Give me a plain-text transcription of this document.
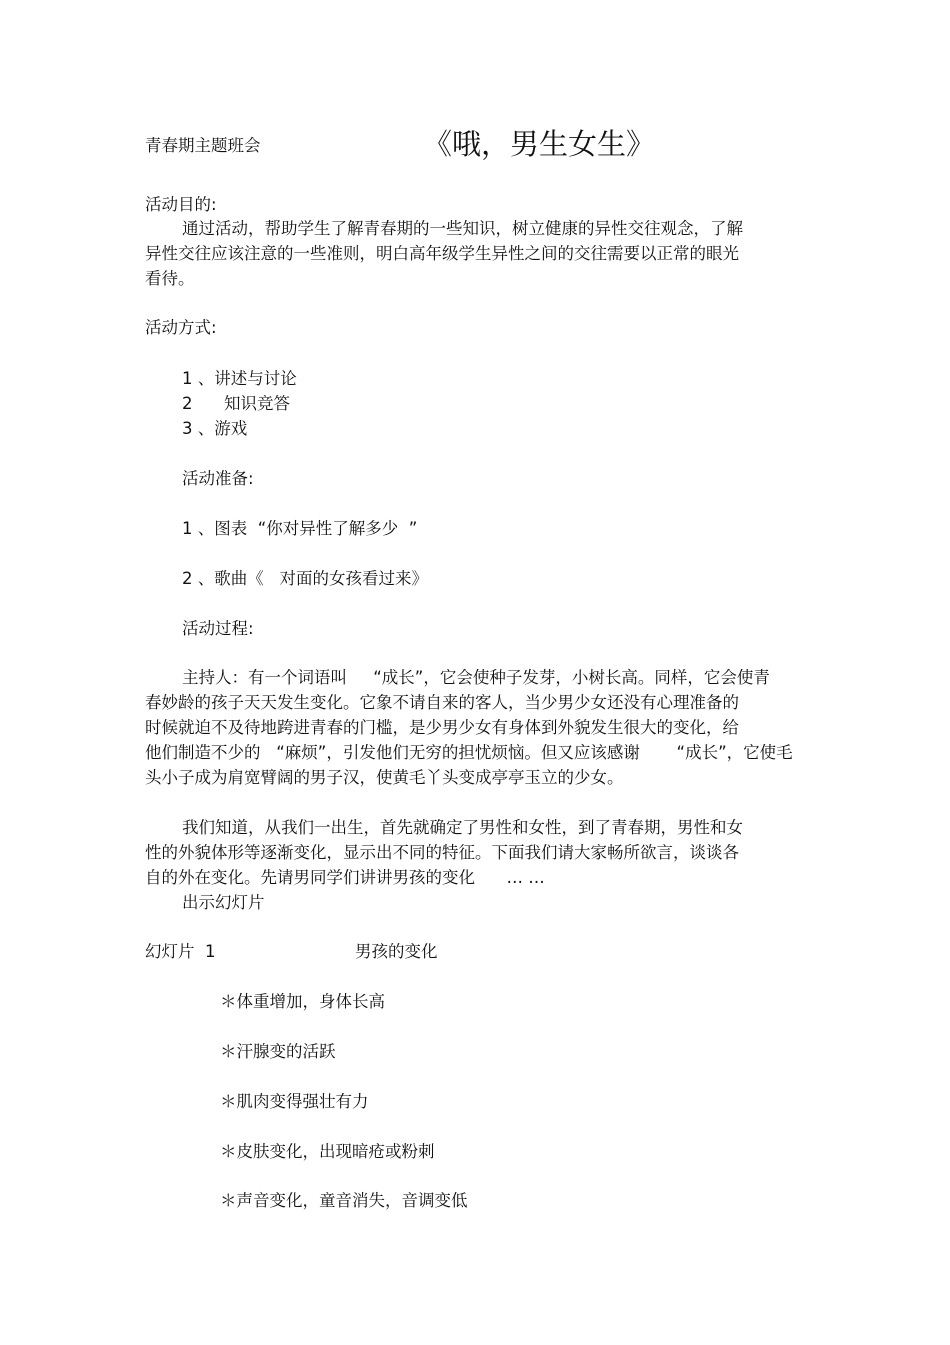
青春期主题班会	《哦，男生女生》
活动目的:
通过活动，帮助学生了解青春期的一些知识，树立健康的异性交往观念，了解
异性交往应该注意的一些准则，明白高年级学生异性之间的交往需要以正常的眼光
看待。
活动方式:
1 、讲述与讨论
2      知识竞答
3 、游戏
活动准备:
1 、图表  “你对异性了解多少  ”
2 、歌曲《   对面的女孩看过来》
活动过程:
主持人：有一个词语叫     “成长”，它会使种子发芽，小树长高。同样，它会使青
春妙龄的孩子天天发生变化。它象不请自来的客人，当少男少女还没有心理准备的
时候就迫不及待地跨进青春的门槛，是少男少女有身体到外貌发生很大的变化，给
他们制造不少的   “麻烦”，引发他们无穷的担忧烦恼。但又应该感谢       “成长”，它使毛
头小子成为肩宽臂阔的男子汉，使黄毛丫头变成亭亭玉立的少女。
我们知道，从我们一出生，首先就确定了男性和女性，到了青春期，男性和女
性的外貌体形等逐渐变化，显示出不同的特征。下面我们请大家畅所欲言，谈谈各
自的外在变化。先请男同学们讲讲男孩的变化      … …
出示幻灯片
幻灯片  1	男孩的变化
＊体重增加，身体长高
＊汗腺变的活跃
＊肌肉变得强壮有力
＊皮肤变化，出现暗疮或粉刺
＊声音变化，童音消失，音调变低
